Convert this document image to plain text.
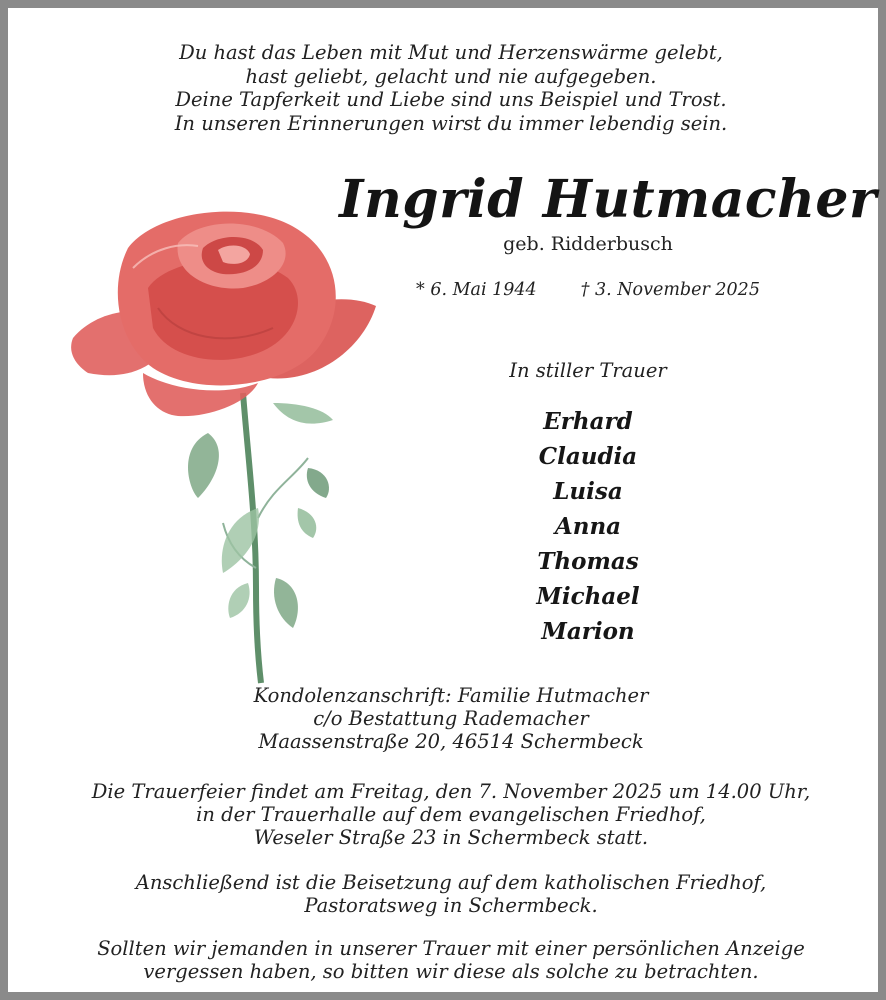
Du hast das Leben mit Mut und Herzenswärme gelebt,
hast geliebt, gelacht und nie aufgegeben.
Deine Tapferkeit und Liebe sind uns Beispiel und Trost.
In unseren Erinnerungen wirst du immer lebendig sein.
Ingrid Hutmacher
geb. Ridderbusch
* 6. Mai 1944	† 3. November 2025
In stiller Trauer
Erhard
Claudia
Luisa
Anna
Thomas
Michael
Marion
Kondolenzanschrift: Familie Hutmacher
c/o Bestattung Rademacher
Maassenstraße 20, 46514 Schermbeck
Die Trauerfeier findet am Freitag, den 7. November 2025 um 14.00 Uhr,
in der Trauerhalle auf dem evangelischen Friedhof,
Weseler Straße 23 in Schermbeck statt.
Anschließend ist die Beisetzung auf dem katholischen Friedhof,
Pastoratsweg in Schermbeck.
Sollten wir jemanden in unserer Trauer mit einer persönlichen Anzeige
vergessen haben, so bitten wir diese als solche zu betrachten.
